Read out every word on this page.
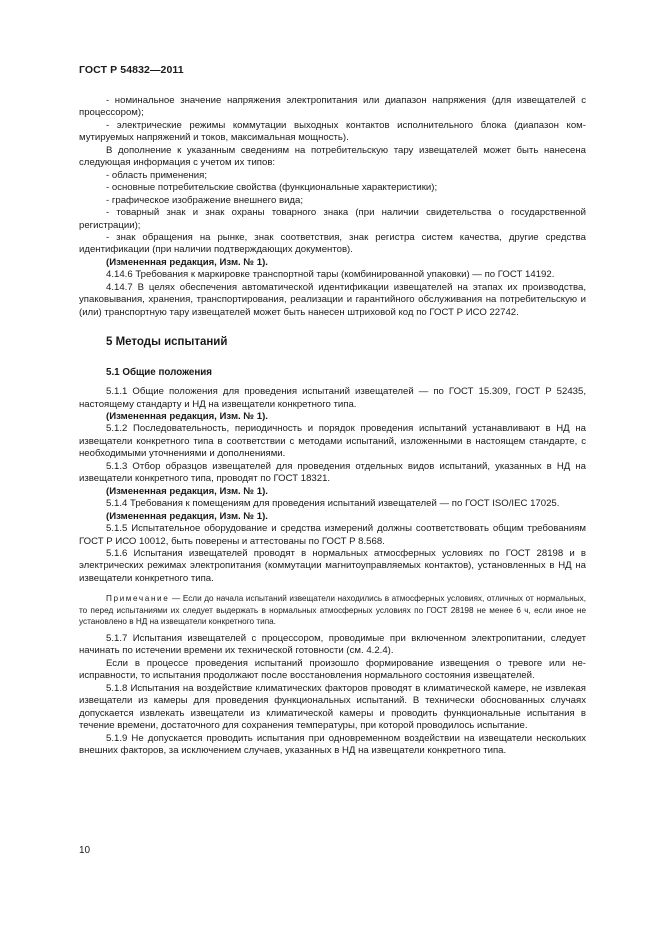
ГОСТ Р 54832—2011

- номинальное значение напряжения электропитания или диапазон напряжения (для извещателей с процессором);

- электрические режимы коммутации выходных контактов исполнительного блока (диапазон коммутируемых напряжений и токов, максимальная мощность).

В дополнение к указанным сведениям на потребительскую тару извещателей может быть нанесена следующая информация с учетом их типов:

- область применения;

- основные потребительские свойства (функциональные характеристики);

- графическое изображение внешнего вида;

- товарный знак и знак охраны товарного знака (при наличии свидетельства о государственной регистрации);

- знак обращения на рынке, знак соответствия, знак регистра систем качества, другие средства идентификации (при наличии подтверждающих документов).

(Измененная редакция, Изм. № 1).

4.14.6 Требования к маркировке транспортной тары (комбинированной упаковки) — по ГОСТ 14192.

4.14.7 В целях обеспечения автоматической идентификации извещателей на этапах их производства, упаковывания, хранения, транспортирования, реализации и гарантийного обслуживания на потребительскую и (или) транспортную тару извещателей может быть нанесен штриховой код по ГОСТ Р ИСО 22742.

5 Методы испытаний
5.1 Общие положения

5.1.1 Общие положения для проведения испытаний извещателей — по ГОСТ 15.309, ГОСТ Р 52435, настоящему стандарту и НД на извещатели конкретного типа.

(Измененная редакция, Изм. № 1).

5.1.2 Последовательность, периодичность и порядок проведения испытаний устанавливают в НД на извещатели конкретного типа в соответствии с методами испытаний, изложенными в настоящем стандарте, с необходимыми уточнениями и дополнениями.

5.1.3 Отбор образцов извещателей для проведения отдельных видов испытаний, указанных в НД на извещатели конкретного типа, проводят по ГОСТ 18321.

(Измененная редакция, Изм. № 1).

5.1.4 Требования к помещениям для проведения испытаний извещателей — по ГОСТ ISO/IEC 17025.

(Измененная редакция, Изм. № 1).

5.1.5 Испытательное оборудование и средства измерений должны соответствовать общим требованиям ГОСТ Р ИСО 10012, быть поверены и аттестованы по ГОСТ Р 8.568.

5.1.6 Испытания извещателей проводят в нормальных атмосферных условиях по ГОСТ 28198 и в электрических режимах электропитания (коммутации магнитоуправляемых контактов), установленных в НД на извещатели конкретного типа.

Примечание — Если до начала испытаний извещатели находились в атмосферных условиях, отличных от нормальных, то перед испытаниями их следует выдержать в нормальных атмосферных условиях по ГОСТ 28198 не менее 6 ч, если иное не установлено в НД на извещатели конкретного типа.

5.1.7 Испытания извещателей с процессором, проводимые при включенном электропитании, следует начинать по истечении времени их технической готовности (см. 4.2.4).

Если в процессе проведения испытаний произошло формирование извещения о тревоге или неисправности, то испытания продолжают после восстановления нормального состояния извещателей.

5.1.8 Испытания на воздействие климатических факторов проводят в климатической камере, не извлекая извещатели из камеры для проведения функциональных испытаний. В технически обоснованных случаях допускается извлекать извещатели из климатической камеры и проводить функциональные испытания в течение времени, достаточного для сохранения температуры, при которой проводилось испытание.

5.1.9 Не допускается проводить испытания при одновременном воздействии на извещатели нескольких внешних факторов, за исключением случаев, указанных в НД на извещатели конкретного типа.

10
